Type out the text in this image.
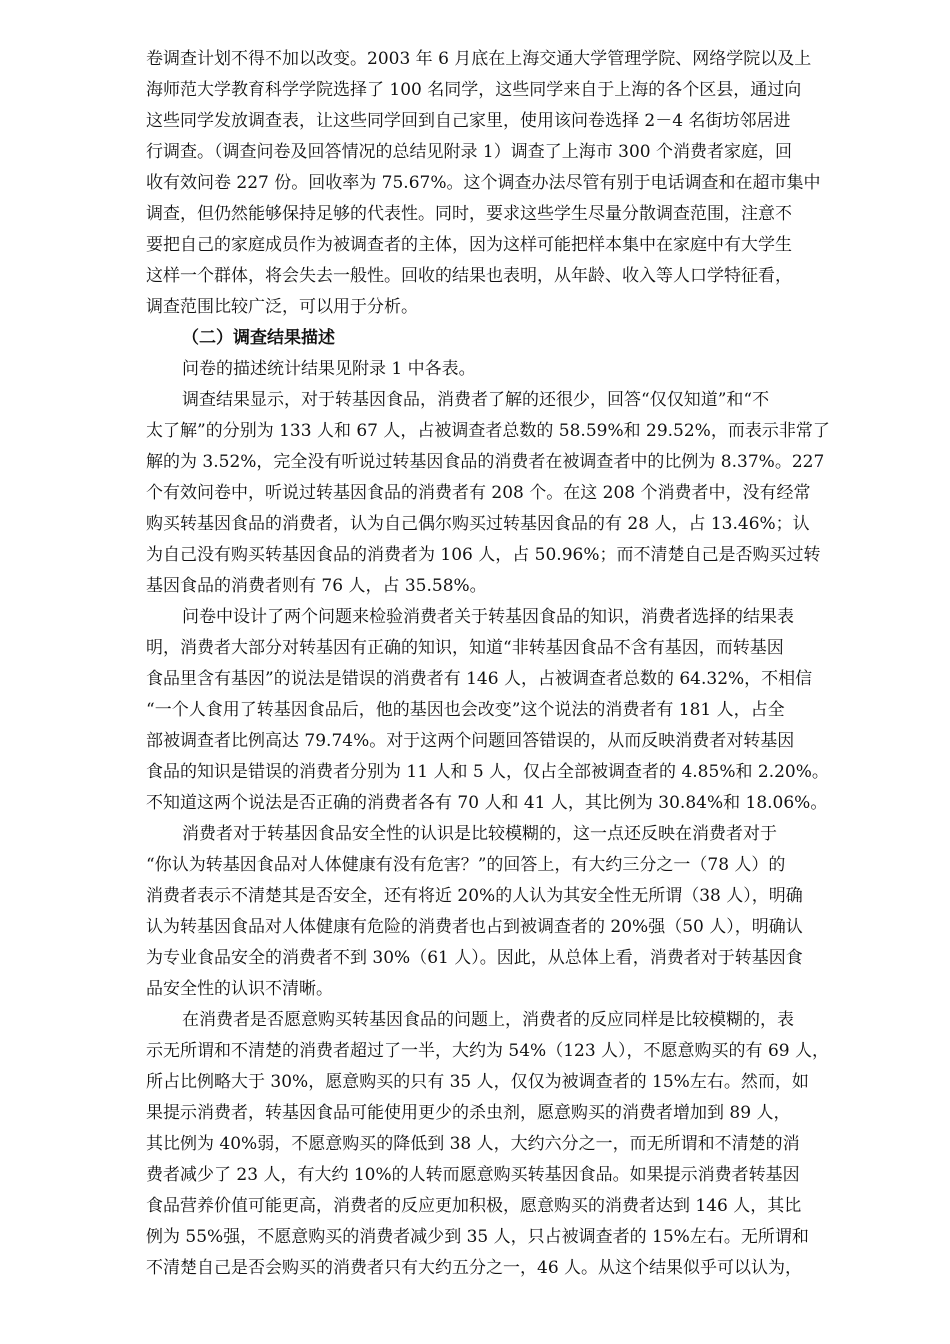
卷调查计划不得不加以改变。2003 年 6 月底在上海交通大学管理学院、网络学院以及上
海师范大学教育科学学院选择了 100 名同学，这些同学来自于上海的各个区县，通过向
这些同学发放调查表，让这些同学回到自己家里，使用该问卷选择 2－4 名街坊邻居进
行调查。（调查问卷及回答情况的总结见附录 1）调查了上海市 300 个消费者家庭，回
收有效问卷 227 份。回收率为 75.67%。这个调查办法尽管有别于电话调查和在超市集中
调查，但仍然能够保持足够的代表性。同时，要求这些学生尽量分散调查范围，注意不
要把自己的家庭成员作为被调查者的主体，因为这样可能把样本集中在家庭中有大学生
这样一个群体，将会失去一般性。回收的结果也表明，从年龄、收入等人口学特征看，
调查范围比较广泛，可以用于分析。
（二）调查结果描述
问卷的描述统计结果见附录 1 中各表。
调查结果显示，对于转基因食品，消费者了解的还很少，回答“仅仅知道”和“不
太了解”的分别为 133 人和 67 人，占被调查者总数的 58.59%和 29.52%，而表示非常了
解的为 3.52%，完全没有听说过转基因食品的消费者在被调查者中的比例为 8.37%。227
个有效问卷中，听说过转基因食品的消费者有 208 个。在这 208 个消费者中，没有经常
购买转基因食品的消费者，认为自己偶尔购买过转基因食品的有 28 人，占 13.46%；认
为自己没有购买转基因食品的消费者为 106 人，占 50.96%；而不清楚自己是否购买过转
基因食品的消费者则有 76 人，占 35.58%。
问卷中设计了两个问题来检验消费者关于转基因食品的知识，消费者选择的结果表
明，消费者大部分对转基因有正确的知识，知道“非转基因食品不含有基因，而转基因
食品里含有基因”的说法是错误的消费者有 146 人，占被调查者总数的 64.32%，不相信
“一个人食用了转基因食品后，他的基因也会改变”这个说法的消费者有 181 人，占全
部被调查者比例高达 79.74%。对于这两个问题回答错误的，从而反映消费者对转基因
食品的知识是错误的消费者分别为 11 人和 5 人，仅占全部被调查者的 4.85%和 2.20%。
不知道这两个说法是否正确的消费者各有 70 人和 41 人，其比例为 30.84%和 18.06%。
消费者对于转基因食品安全性的认识是比较模糊的，这一点还反映在消费者对于
“你认为转基因食品对人体健康有没有危害？”的回答上，有大约三分之一（78 人）的
消费者表示不清楚其是否安全，还有将近 20%的人认为其安全性无所谓（38 人），明确
认为转基因食品对人体健康有危险的消费者也占到被调查者的 20%强（50 人），明确认
为专业食品安全的消费者不到 30%（61 人）。因此，从总体上看，消费者对于转基因食
品安全性的认识不清晰。
在消费者是否愿意购买转基因食品的问题上，消费者的反应同样是比较模糊的，表
示无所谓和不清楚的消费者超过了一半，大约为 54%（123 人），不愿意购买的有 69 人，
所占比例略大于 30%，愿意购买的只有 35 人，仅仅为被调查者的 15%左右。然而，如
果提示消费者，转基因食品可能使用更少的杀虫剂，愿意购买的消费者增加到 89 人，
其比例为 40%弱，不愿意购买的降低到 38 人，大约六分之一，而无所谓和不清楚的消
费者减少了 23 人，有大约 10%的人转而愿意购买转基因食品。如果提示消费者转基因
食品营养价值可能更高，消费者的反应更加积极，愿意购买的消费者达到 146 人，其比
例为 55%强，不愿意购买的消费者减少到 35 人，只占被调查者的 15%左右。无所谓和
不清楚自己是否会购买的消费者只有大约五分之一，46 人。从这个结果似乎可以认为，
